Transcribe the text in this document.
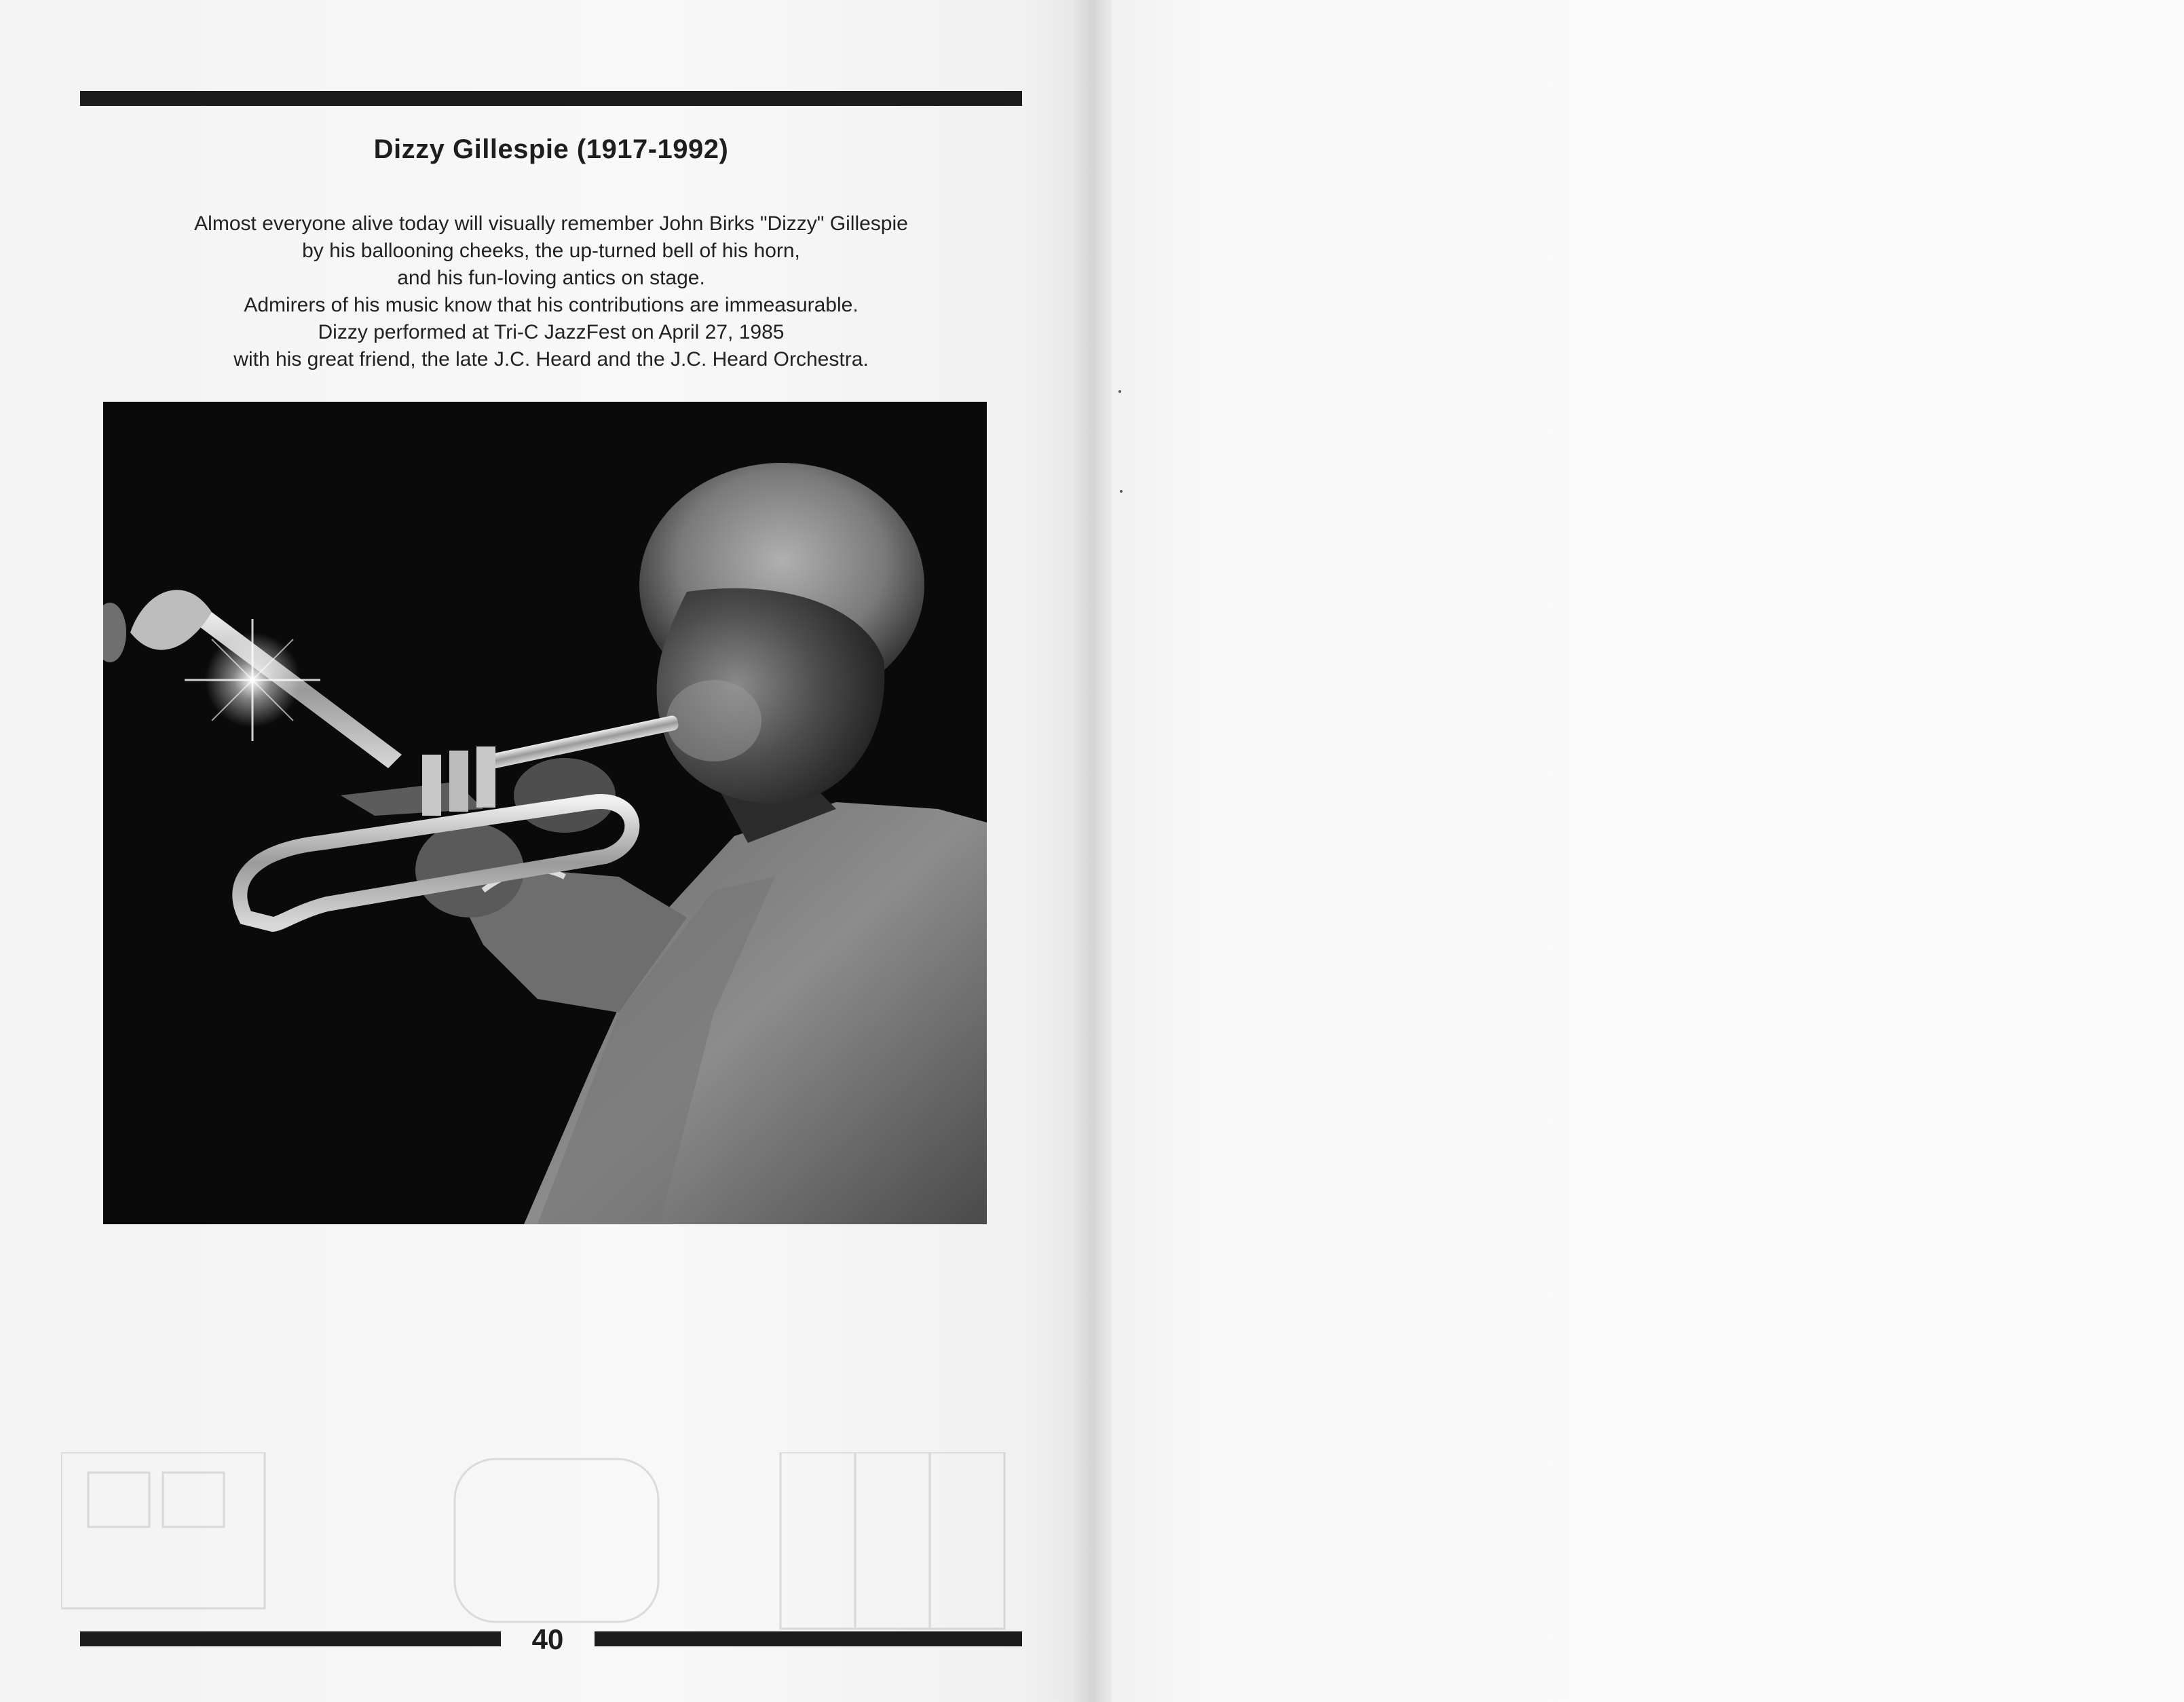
Dizzy Gillespie (1917-1992)
Almost everyone alive today will visually remember John Birks "Dizzy" Gillespie
by his ballooning cheeks, the up-turned bell of his horn,
and his fun-loving antics on stage.
Admirers of his music know that his contributions are immeasurable.
Dizzy performed at Tri-C JazzFest on April 27, 1985
with his great friend, the late J.C. Heard and the J.C. Heard Orchestra.
40
